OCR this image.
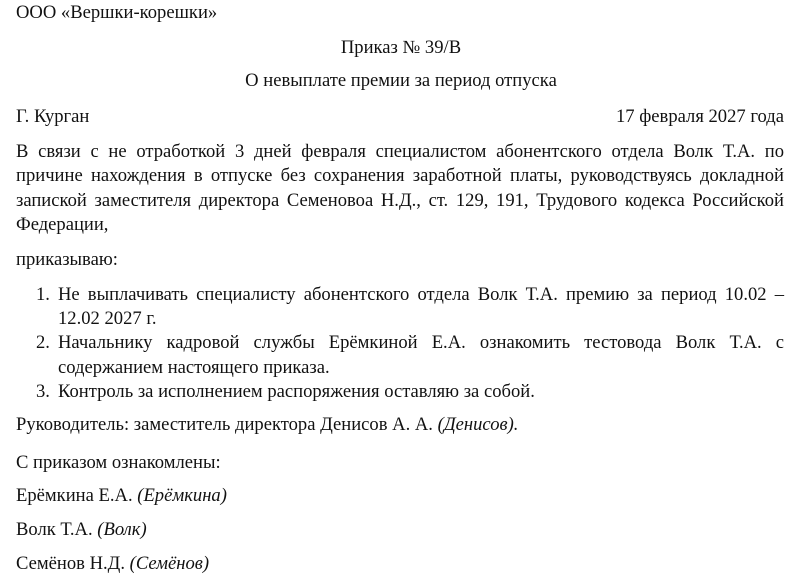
ООО «Вершки-корешки»
Приказ № 39/В
О невыплате премии за период отпуска
Г. Курган	17 февраля 2027 года
В связи с не отработкой 3 дней февраля специалистом абонентского отдела Волк Т.А. по причине нахождения в отпуске без сохранения заработной платы, руководствуясь докладной запиской заместителя директора Семеновоа Н.Д., ст. 129, 191, Трудового кодекса Российской Федерации,
приказываю:
1. Не выплачивать специалисту абонентского отдела Волк Т.А. премию за период 10.02 – 12.02 2027 г.
2. Начальнику кадровой службы Ерёмкиной Е.А. ознакомить тестовода Волк Т.А. с содержанием настоящего приказа.
3. Контроль за исполнением распоряжения оставляю за собой.
Руководитель: заместитель директора Денисов А. А. (Денисов).
С приказом ознакомлены:
Ерёмкина Е.А. (Ерёмкина)
Волк Т.А. (Волк)
Семёнов Н.Д. (Семёнов)
